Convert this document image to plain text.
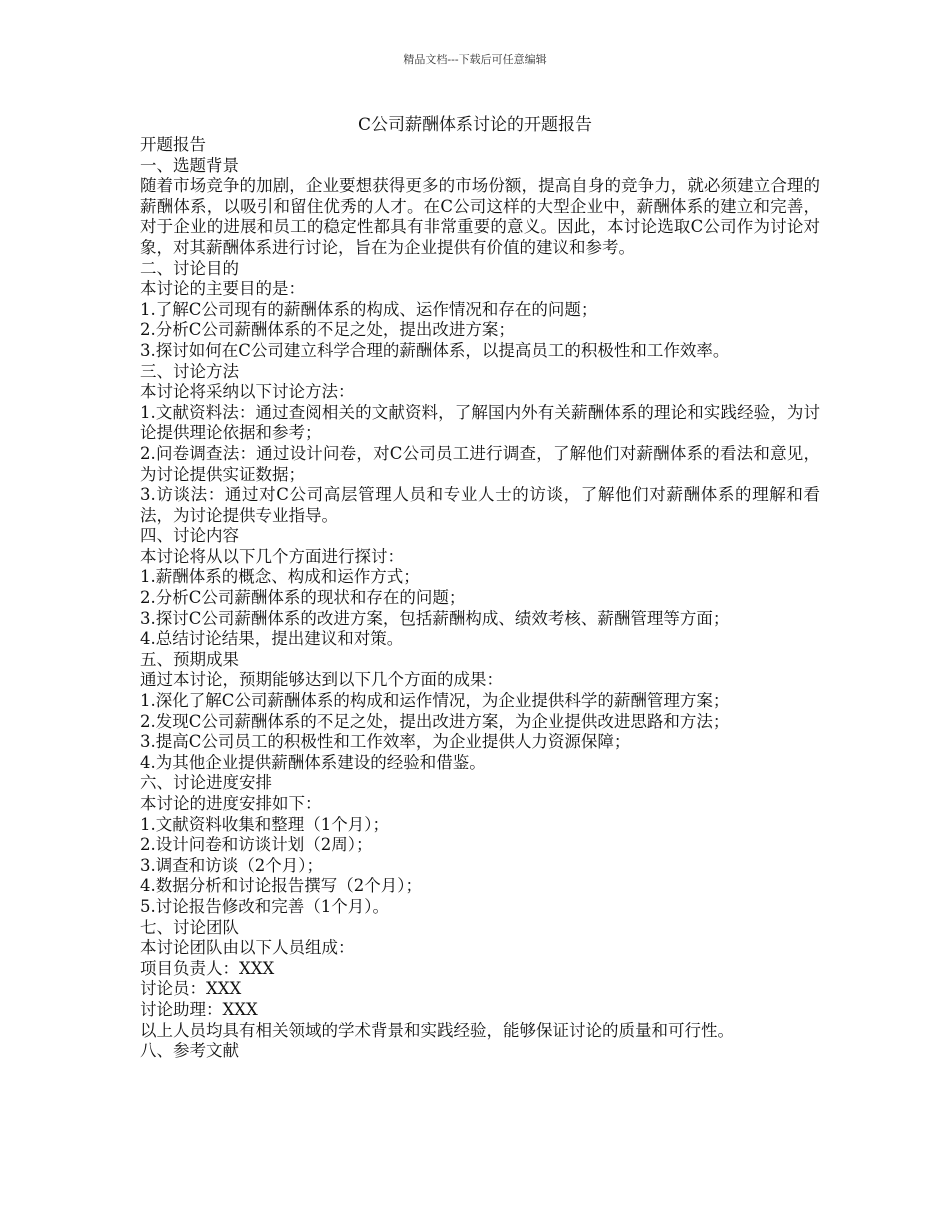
精品文档---下载后可任意编辑
C公司薪酬体系讨论的开题报告

开题报告

一、选题背景

随着市场竞争的加剧，企业要想获得更多的市场份额，提高自身的竞争力，就必须建立合理的薪酬体系，以吸引和留住优秀的人才。在C公司这样的大型企业中，薪酬体系的建立和完善，对于企业的进展和员工的稳定性都具有非常重要的意义。因此，本讨论选取C公司作为讨论对象，对其薪酬体系进行讨论，旨在为企业提供有价值的建议和参考。

二、讨论目的

本讨论的主要目的是：

1.了解C公司现有的薪酬体系的构成、运作情况和存在的问题；

2.分析C公司薪酬体系的不足之处，提出改进方案；

3.探讨如何在C公司建立科学合理的薪酬体系，以提高员工的积极性和工作效率。

三、讨论方法

本讨论将采纳以下讨论方法：

1.文献资料法：通过查阅相关的文献资料，了解国内外有关薪酬体系的理论和实践经验，为讨论提供理论依据和参考；

2.问卷调查法：通过设计问卷，对C公司员工进行调查，了解他们对薪酬体系的看法和意见，为讨论提供实证数据；

3.访谈法：通过对C公司高层管理人员和专业人士的访谈，了解他们对薪酬体系的理解和看法，为讨论提供专业指导。

四、讨论内容

本讨论将从以下几个方面进行探讨：

1.薪酬体系的概念、构成和运作方式；

2.分析C公司薪酬体系的现状和存在的问题；

3.探讨C公司薪酬体系的改进方案，包括薪酬构成、绩效考核、薪酬管理等方面；

4.总结讨论结果，提出建议和对策。

五、预期成果

通过本讨论，预期能够达到以下几个方面的成果：

1.深化了解C公司薪酬体系的构成和运作情况，为企业提供科学的薪酬管理方案；

2.发现C公司薪酬体系的不足之处，提出改进方案，为企业提供改进思路和方法；

3.提高C公司员工的积极性和工作效率，为企业提供人力资源保障；

4.为其他企业提供薪酬体系建设的经验和借鉴。

六、讨论进度安排

本讨论的进度安排如下：

1.文献资料收集和整理（1个月）；

2.设计问卷和访谈计划（2周）；

3.调查和访谈（2个月）；

4.数据分析和讨论报告撰写（2个月）；

5.讨论报告修改和完善（1个月）。

七、讨论团队

本讨论团队由以下人员组成：

项目负责人：XXX

讨论员：XXX

讨论助理：XXX

以上人员均具有相关领域的学术背景和实践经验，能够保证讨论的质量和可行性。

八、参考文献
